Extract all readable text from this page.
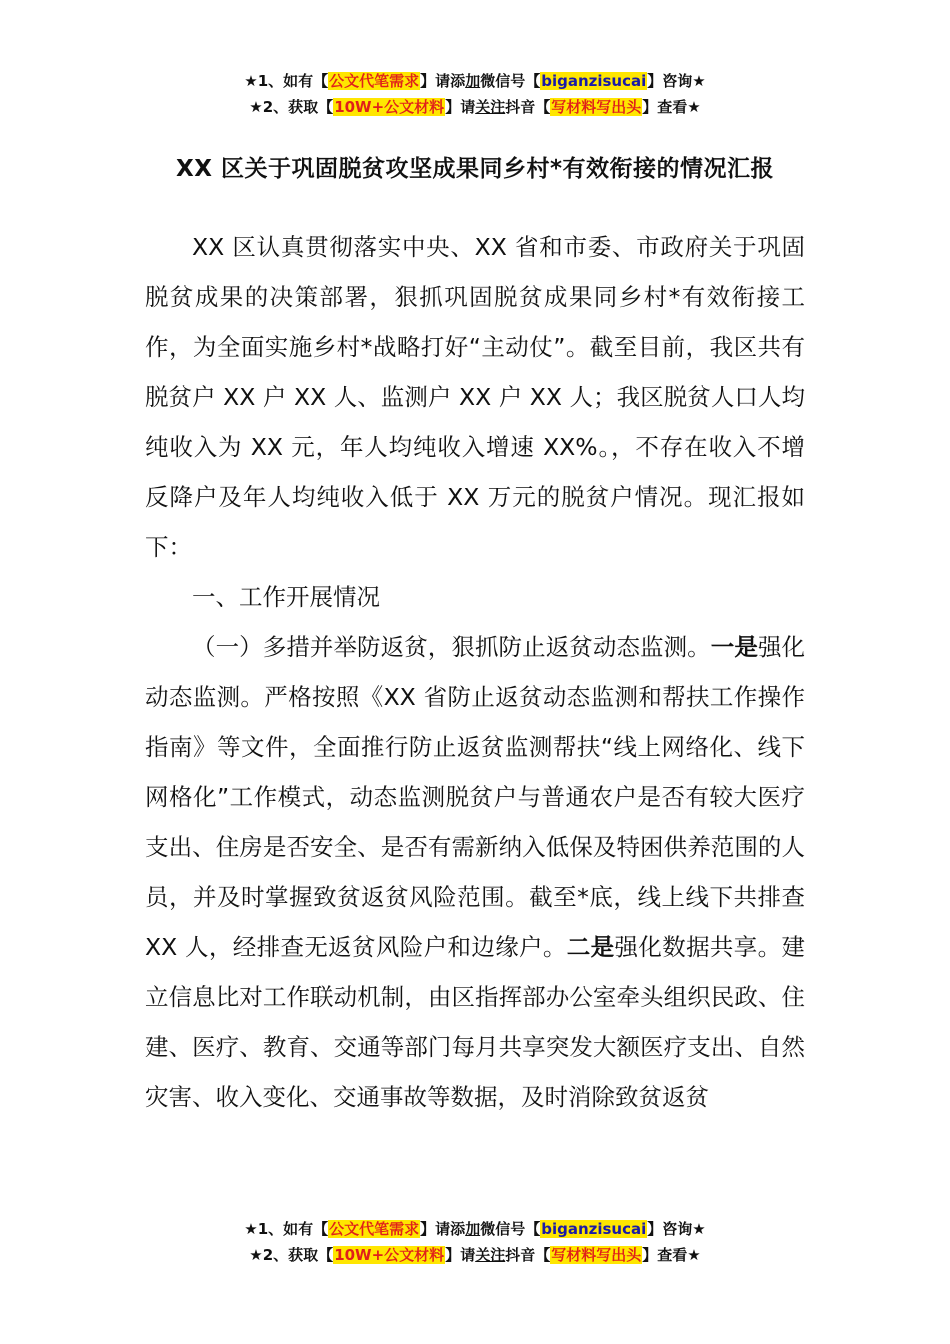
★1、如有【公文代笔需求】请添加微信号【biganzisucai】咨询★
★2、获取【10W+公文材料】请关注抖音【写材料写出头】查看★
XX 区关于巩固脱贫攻坚成果同乡村*有效衔接的情况汇报

XX 区认真贯彻落实中央、XX 省和市委、市政府关于巩固脱贫成果的决策部署，狠抓巩固脱贫成果同乡村*有效衔接工作，为全面实施乡村*战略打好“主动仗”。截至目前，我区共有脱贫户 XX 户 XX 人、监测户 XX 户 XX 人；我区脱贫人口人均纯收入为 XX 元，年人均纯收入增速 XX%。，不存在收入不增反降户及年人均纯收入低于 XX 万元的脱贫户情况。现汇报如下：

一、工作开展情况

（一）多措并举防返贫，狠抓防止返贫动态监测。一是强化动态监测。严格按照《XX 省防止返贫动态监测和帮扶工作操作指南》等文件，全面推行防止返贫监测帮扶“线上网络化、线下网格化”工作模式，动态监测脱贫户与普通农户是否有较大医疗支出、住房是否安全、是否有需新纳入低保及特困供养范围的人员，并及时掌握致贫返贫风险范围。截至*底，线上线下共排查 XX 人，经排查无返贫风险户和边缘户。二是强化数据共享。建立信息比对工作联动机制，由区指挥部办公室牵头组织民政、住建、医疗、教育、交通等部门每月共享突发大额医疗支出、自然灾害、收入变化、交通事故等数据，及时消除致贫返贫

★1、如有【公文代笔需求】请添加微信号【biganzisucai】咨询★
★2、获取【10W+公文材料】请关注抖音【写材料写出头】查看★
